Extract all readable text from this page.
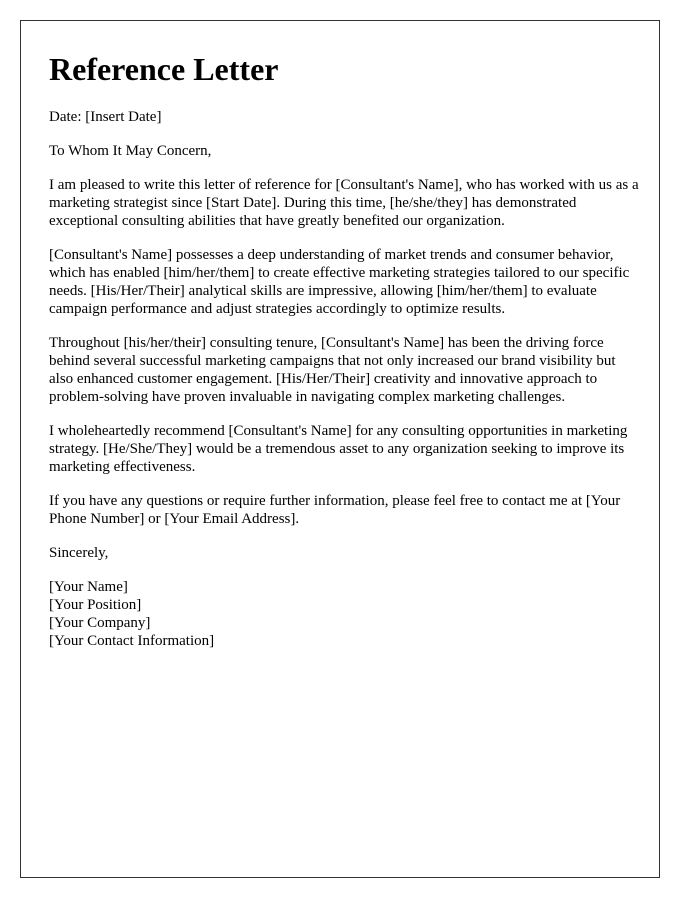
Reference Letter

Date: [Insert Date]

To Whom It May Concern,

I am pleased to write this letter of reference for [Consultant's Name], who has worked with us as a marketing strategist since [Start Date]. During this time, [he/she/they] has demonstrated exceptional consulting abilities that have greatly benefited our organization.

[Consultant's Name] possesses a deep understanding of market trends and consumer behavior, which has enabled [him/her/them] to create effective marketing strategies tailored to our specific needs. [His/Her/Their] analytical skills are impressive, allowing [him/her/them] to evaluate campaign performance and adjust strategies accordingly to optimize results.

Throughout [his/her/their] consulting tenure, [Consultant's Name] has been the driving force behind several successful marketing campaigns that not only increased our brand visibility but also enhanced customer engagement. [His/Her/Their] creativity and innovative approach to problem-solving have proven invaluable in navigating complex marketing challenges.

I wholeheartedly recommend [Consultant's Name] for any consulting opportunities in marketing strategy. [He/She/They] would be a tremendous asset to any organization seeking to improve its marketing effectiveness.

If you have any questions or require further information, please feel free to contact me at [Your Phone Number] or [Your Email Address].

Sincerely,

[Your Name]
[Your Position]
[Your Company]
[Your Contact Information]
